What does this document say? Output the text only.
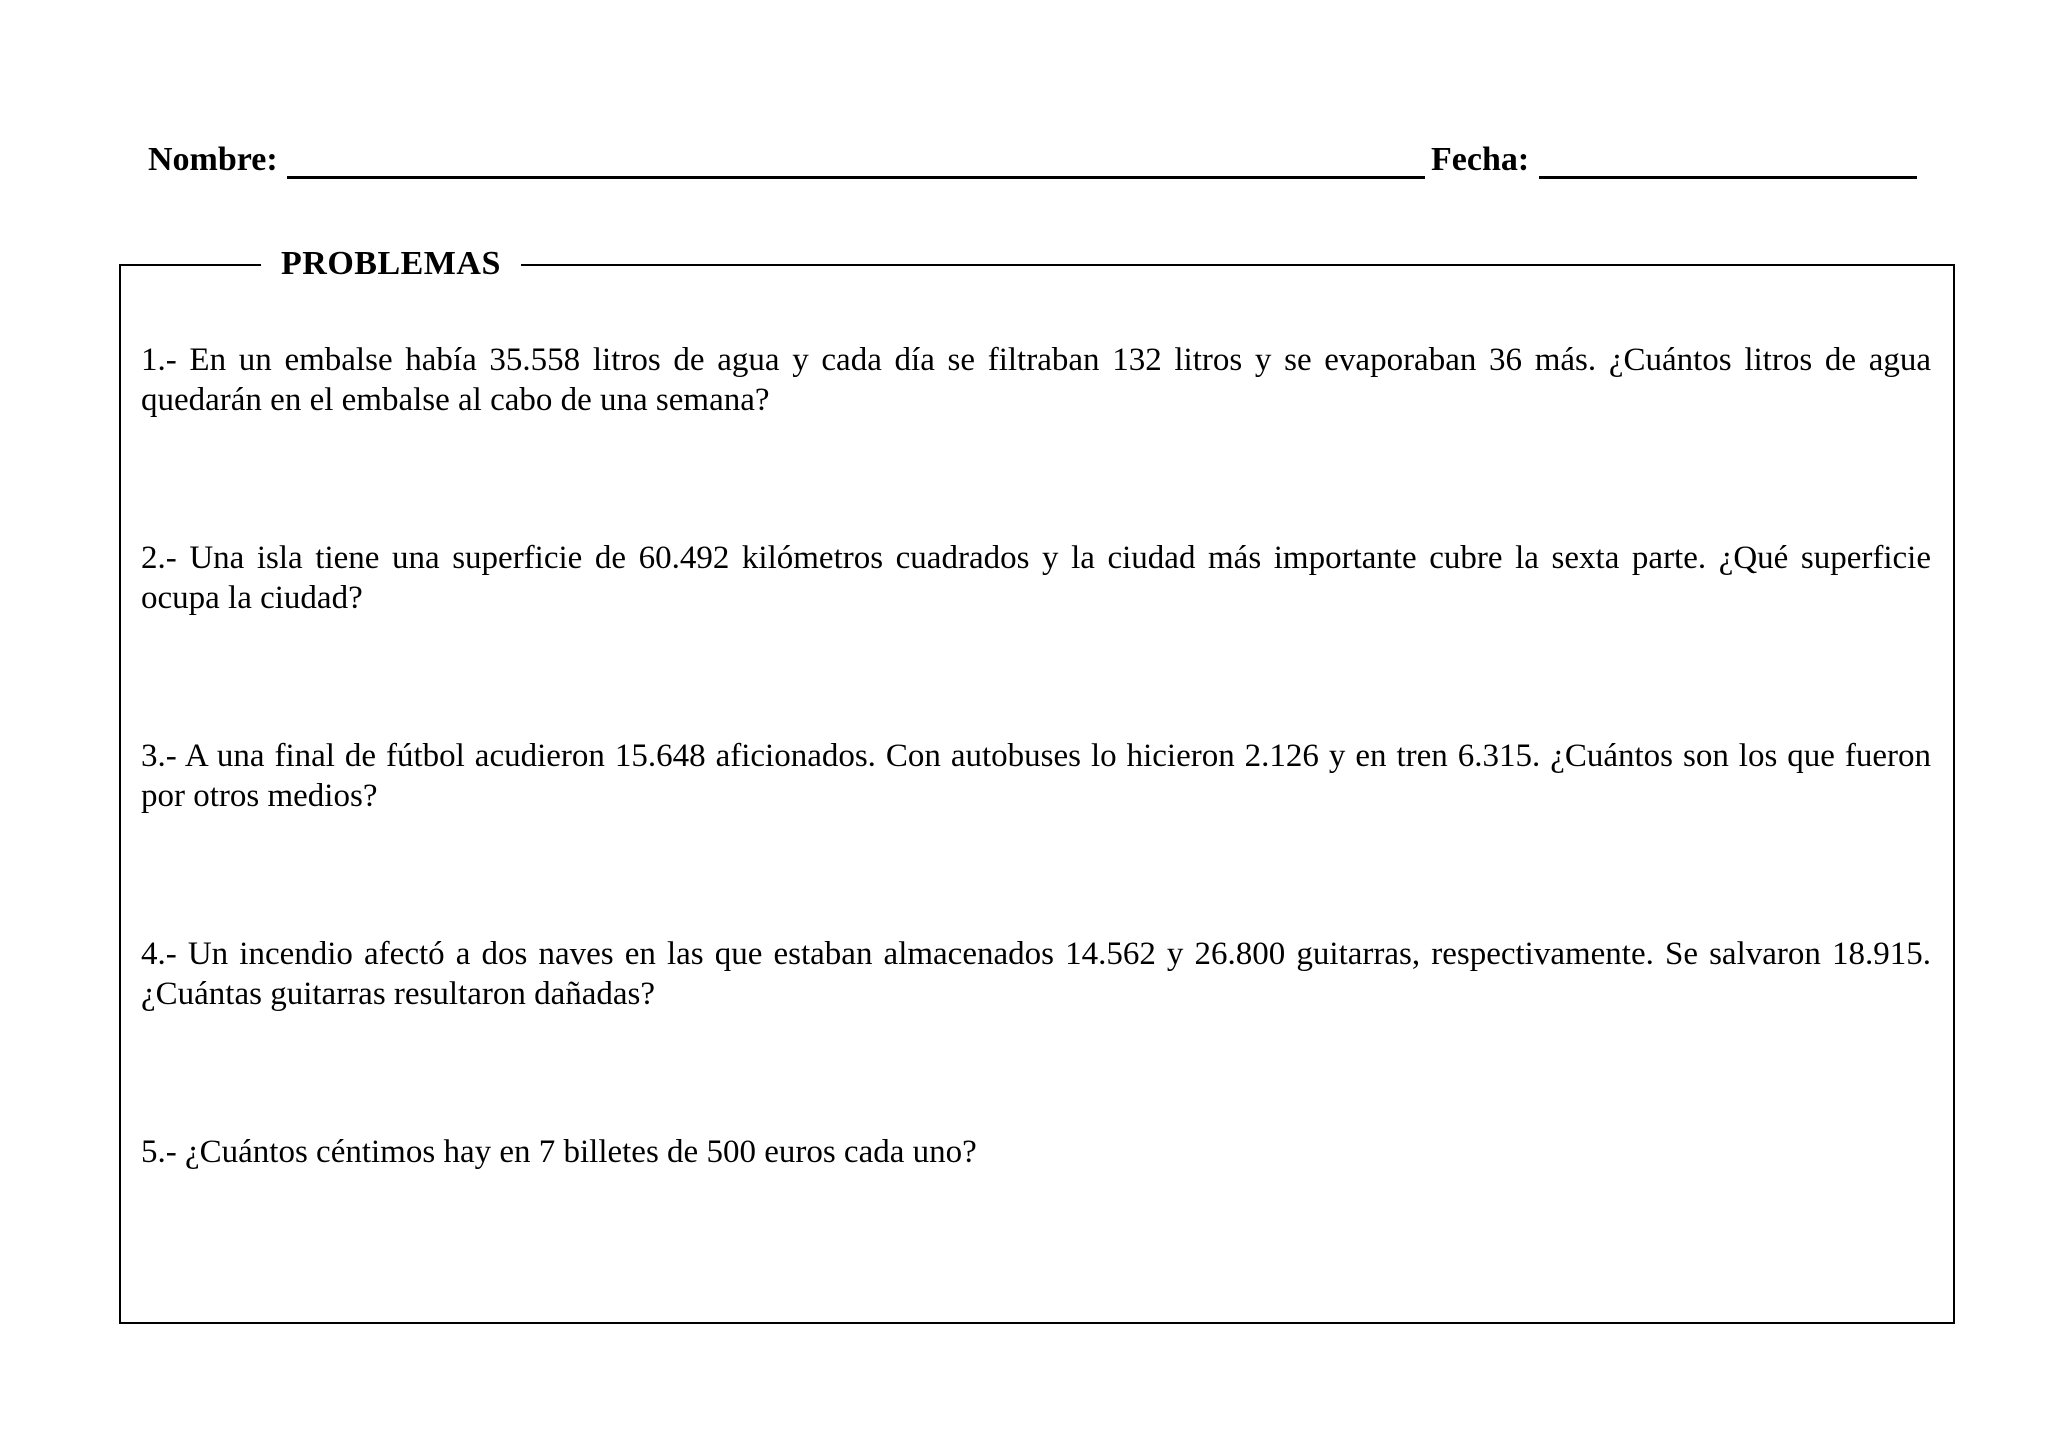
Nombre:	Fecha:
PROBLEMAS
1.- En un embalse había 35.558 litros de agua y cada día se filtraban 132 litros y se evaporaban 36 más. ¿Cuántos litros de agua quedarán en el embalse al cabo de una semana?
2.- Una isla tiene una superficie de 60.492 kilómetros cuadrados y la ciudad más importante cubre la sexta parte. ¿Qué superficie ocupa la ciudad?
3.- A una final de fútbol acudieron 15.648 aficionados. Con autobuses lo hicieron 2.126 y en tren 6.315. ¿Cuántos son los que fueron por otros medios?
4.- Un incendio afectó a dos naves en las que estaban almacenados 14.562 y 26.800 guitarras, respectivamente. Se salvaron 18.915. ¿Cuántas guitarras resultaron dañadas?
5.- ¿Cuántos céntimos hay en 7 billetes de 500 euros cada uno?
